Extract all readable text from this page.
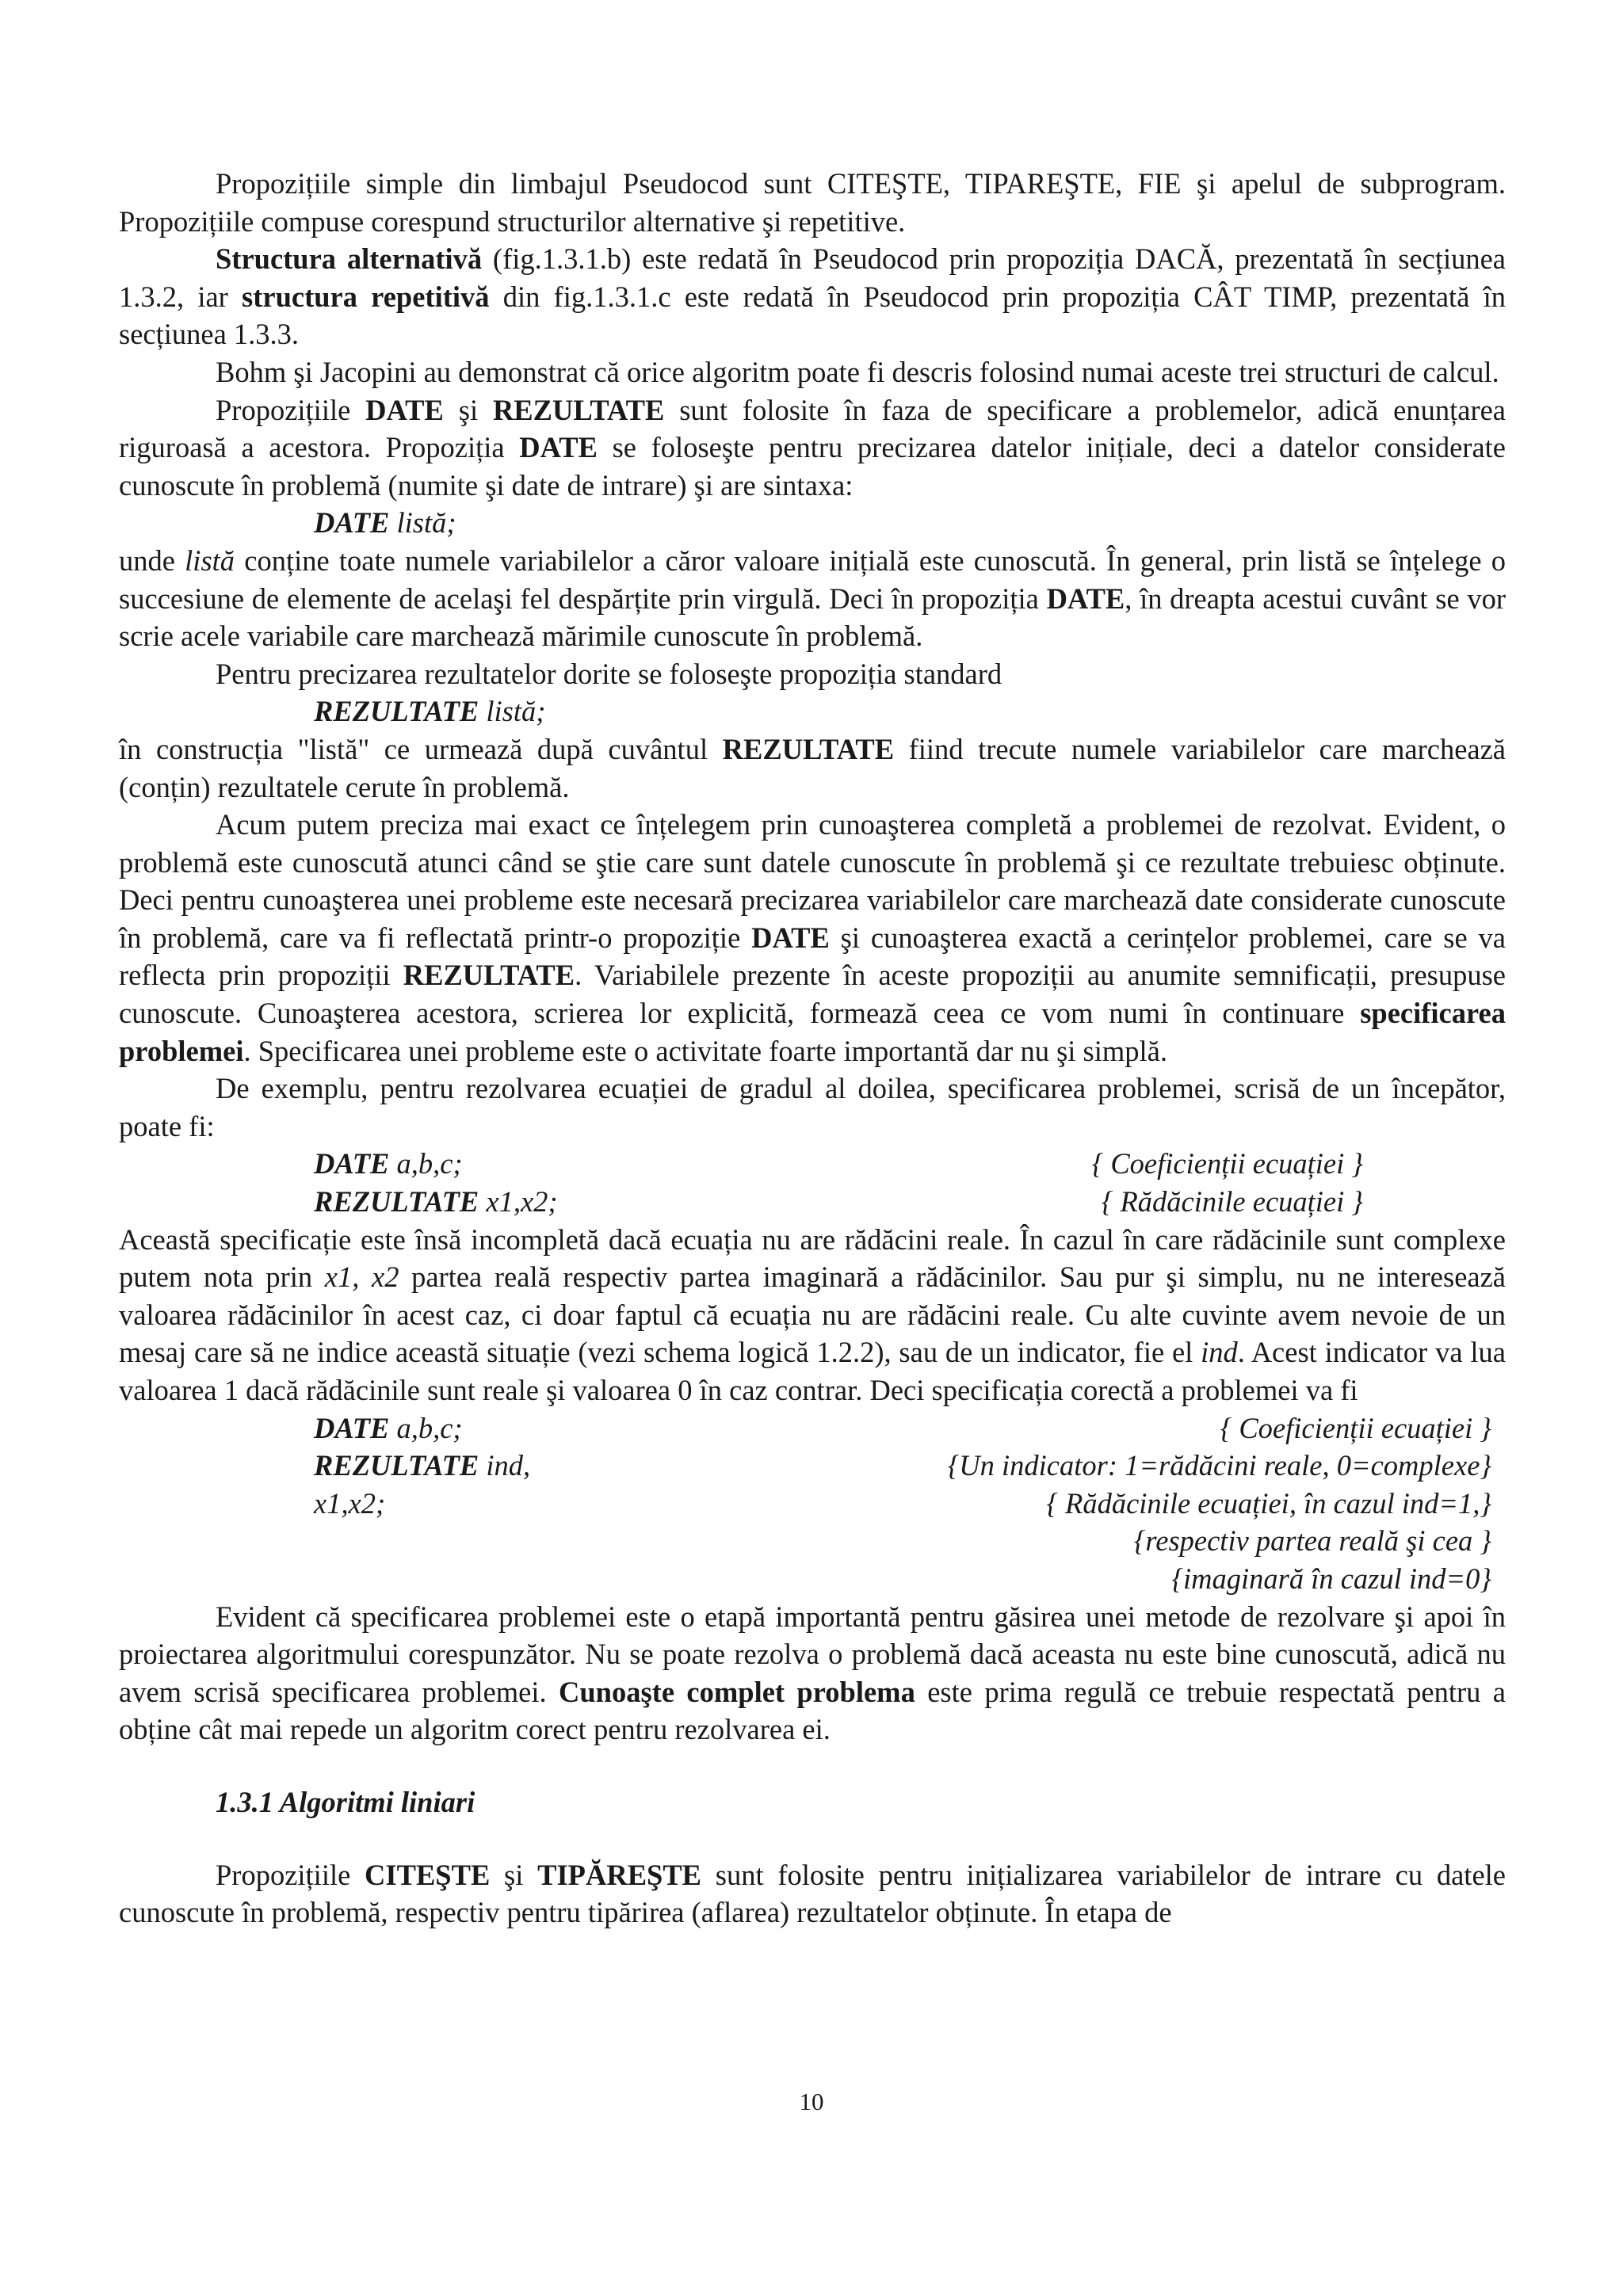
Propozițiile simple din limbajul Pseudocod sunt CITEŞTE, TIPAREŞTE, FIE şi apelul de subprogram. Propozițiile compuse corespund structurilor alternative şi repetitive.

Structura alternativă (fig.1.3.1.b) este redată în Pseudocod prin propoziția DACĂ, prezentată în secțiunea 1.3.2, iar structura repetitivă din fig.1.3.1.c este redată în Pseudocod prin propoziția CÂT TIMP, prezentată în secțiunea 1.3.3.

Bohm şi Jacopini au demonstrat că orice algoritm poate fi descris folosind numai aceste trei structuri de calcul.

Propozițiile DATE şi REZULTATE sunt folosite în faza de specificare a problemelor, adică enunțarea riguroasă a acestora. Propoziția DATE se foloseşte pentru precizarea datelor inițiale, deci a datelor considerate cunoscute în problemă (numite şi date de intrare) şi are sintaxa:

DATE listă;

unde listă conține toate numele variabilelor a căror valoare inițială este cunoscută. În general, prin listă se înțelege o succesiune de elemente de acelaşi fel despărțite prin virgulă. Deci în propoziția DATE, în dreapta acestui cuvânt se vor scrie acele variabile care marchează mărimile cunoscute în problemă.

Pentru precizarea rezultatelor dorite se foloseşte propoziția standard

REZULTATE listă;

în construcția "listă" ce urmează după cuvântul REZULTATE fiind trecute numele variabilelor care marchează (conțin) rezultatele cerute în problemă.

Acum putem preciza mai exact ce înțelegem prin cunoaşterea completă a problemei de rezolvat. Evident, o problemă este cunoscută atunci când se ştie care sunt datele cunoscute în problemă şi ce rezultate trebuiesc obținute. Deci pentru cunoaşterea unei probleme este necesară precizarea variabilelor care marchează date considerate cunoscute în problemă, care va fi reflectată printr-o propoziție DATE şi cunoaşterea exactă a cerințelor problemei, care se va reflecta prin propoziții REZULTATE. Variabilele prezente în aceste propoziții au anumite semnificații, presupuse cunoscute. Cunoaşterea acestora, scrierea lor explicită, formează ceea ce vom numi în continuare specificarea problemei. Specificarea unei probleme este o activitate foarte importantă dar nu şi simplă.

De exemplu, pentru rezolvarea ecuației de gradul al doilea, specificarea problemei, scrisă de un începător, poate fi:

DATE a,b,c;	{ Coeficienții ecuației }
REZULTATE x1,x2;	{ Rădăcinile ecuației }

Această specificație este însă incompletă dacă ecuația nu are rădăcini reale. În cazul în care rădăcinile sunt complexe putem nota prin x1, x2 partea reală respectiv partea imaginară a rădăcinilor. Sau pur şi simplu, nu ne interesează valoarea rădăcinilor în acest caz, ci doar faptul că ecuația nu are rădăcini reale. Cu alte cuvinte avem nevoie de un mesaj care să ne indice această situație (vezi schema logică 1.2.2), sau de un indicator, fie el ind. Acest indicator va lua valoarea 1 dacă rădăcinile sunt reale şi valoarea 0 în caz contrar. Deci specificația corectă a problemei va fi

DATE a,b,c;	{ Coeficienții ecuației }
REZULTATE ind,	{Un indicator: 1=rădăcini reale, 0=complexe}
x1,x2;	{ Rădăcinile ecuației, în cazul ind=1,}
{respectiv partea reală şi cea }
{imaginară în cazul ind=0}

Evident că specificarea problemei este o etapă importantă pentru găsirea unei metode de rezolvare şi apoi în proiectarea algoritmului corespunzător. Nu se poate rezolva o problemă dacă aceasta nu este bine cunoscută, adică nu avem scrisă specificarea problemei. Cunoaşte complet problema este prima regulă ce trebuie respectată pentru a obține cât mai repede un algoritm corect pentru rezolvarea ei.

1.3.1 Algoritmi liniari

Propozițiile CITEŞTE şi TIPĂREŞTE sunt folosite pentru inițializarea variabilelor de intrare cu datele cunoscute în problemă, respectiv pentru tipărirea (aflarea) rezultatelor obținute. În etapa de

10
